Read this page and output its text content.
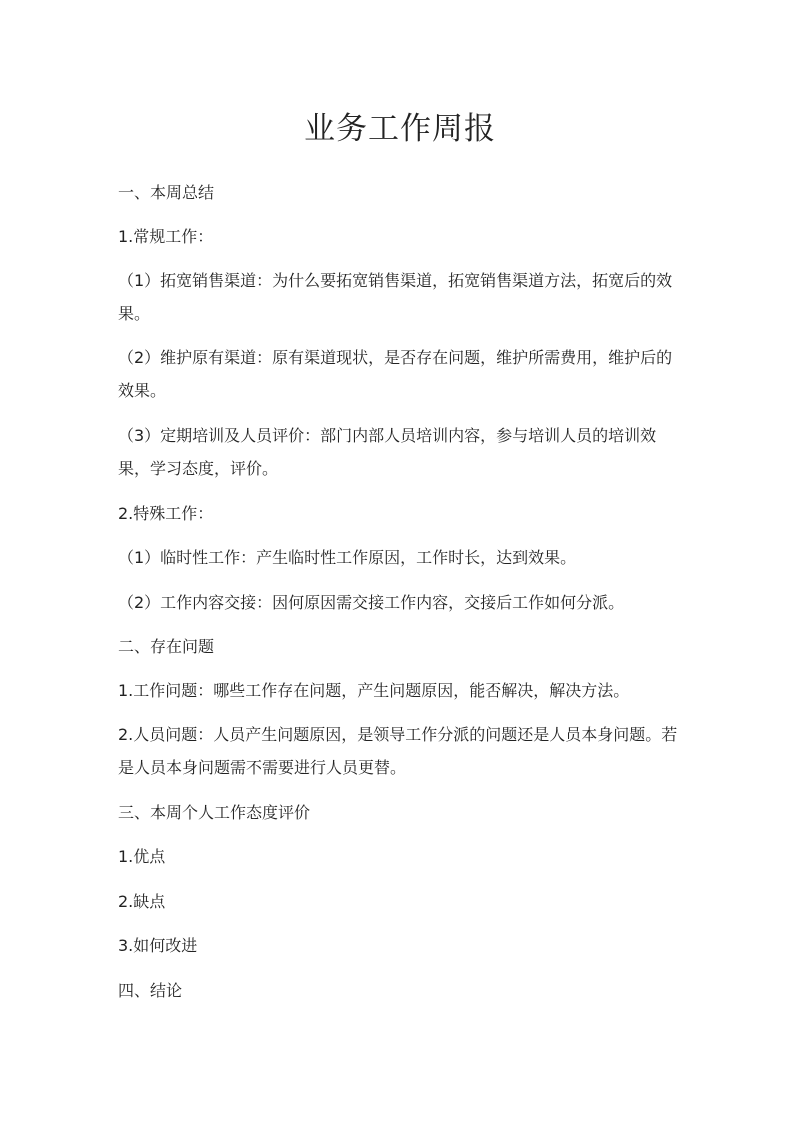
业务工作周报

一、本周总结

1.常规工作：

（1）拓宽销售渠道：为什么要拓宽销售渠道，拓宽销售渠道方法，拓宽后的效果。

（2）维护原有渠道：原有渠道现状，是否存在问题，维护所需费用，维护后的效果。

（3）定期培训及人员评价：部门内部人员培训内容，参与培训人员的培训效果，学习态度，评价。

2.特殊工作：

（1）临时性工作：产生临时性工作原因，工作时长，达到效果。

（2）工作内容交接：因何原因需交接工作内容，交接后工作如何分派。

二、存在问题

1.工作问题：哪些工作存在问题，产生问题原因，能否解决，解决方法。

2.人员问题：人员产生问题原因，是领导工作分派的问题还是人员本身问题。若是人员本身问题需不需要进行人员更替。

三、本周个人工作态度评价

1.优点

2.缺点

3.如何改进

四、结论
